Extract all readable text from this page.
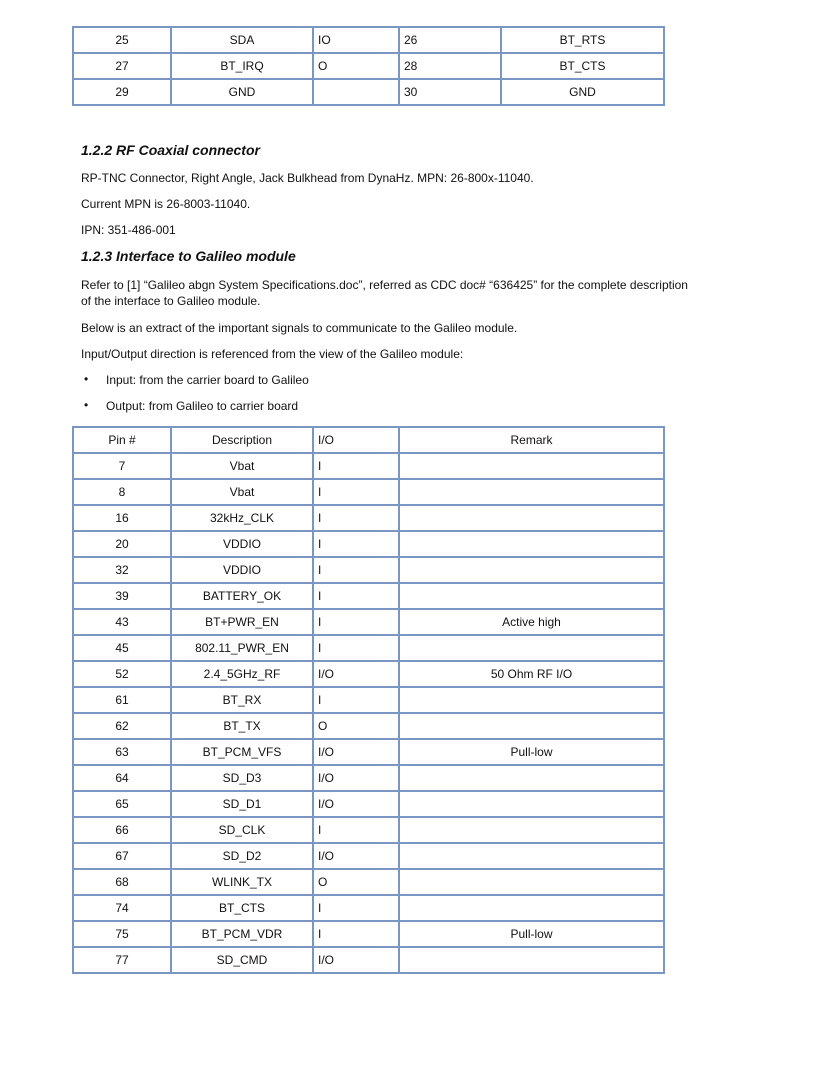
25	SDA	IO	26	BT_RTS
27	BT_IRQ	O	28	BT_CTS
29	GND		30	GND
1.2.2 RF Coaxial connector

RP-TNC Connector, Right Angle, Jack Bulkhead from DynaHz. MPN: 26-800x-11040.

Current MPN is 26-8003-11040.

IPN: 351-486-001

1.2.3 Interface to Galileo module

Refer to [1] “Galileo abgn System Specifications.doc”, referred as CDC doc# “636425” for the complete description

of the interface to Galileo module.

Below is an extract of the important signals to communicate to the Galileo module.

Input/Output direction is referenced from the view of the Galileo module:

• Input: from the carrier board to Galileo
• Output: from Galileo to carrier board
Pin #	Description	I/O	Remark
7	Vbat	I	
8	Vbat	I	
16	32kHz_CLK	I	
20	VDDIO	I	
32	VDDIO	I	
39	BATTERY_OK	I	
43	BT+PWR_EN	I	Active high
45	802.11_PWR_EN	I	
52	2.4_5GHz_RF	I/O	50 Ohm RF I/O
61	BT_RX	I	
62	BT_TX	O	
63	BT_PCM_VFS	I/O	Pull-low
64	SD_D3	I/O	
65	SD_D1	I/O	
66	SD_CLK	I	
67	SD_D2	I/O	
68	WLINK_TX	O	
74	BT_CTS	I	
75	BT_PCM_VDR	I	Pull-low
77	SD_CMD	I/O	
